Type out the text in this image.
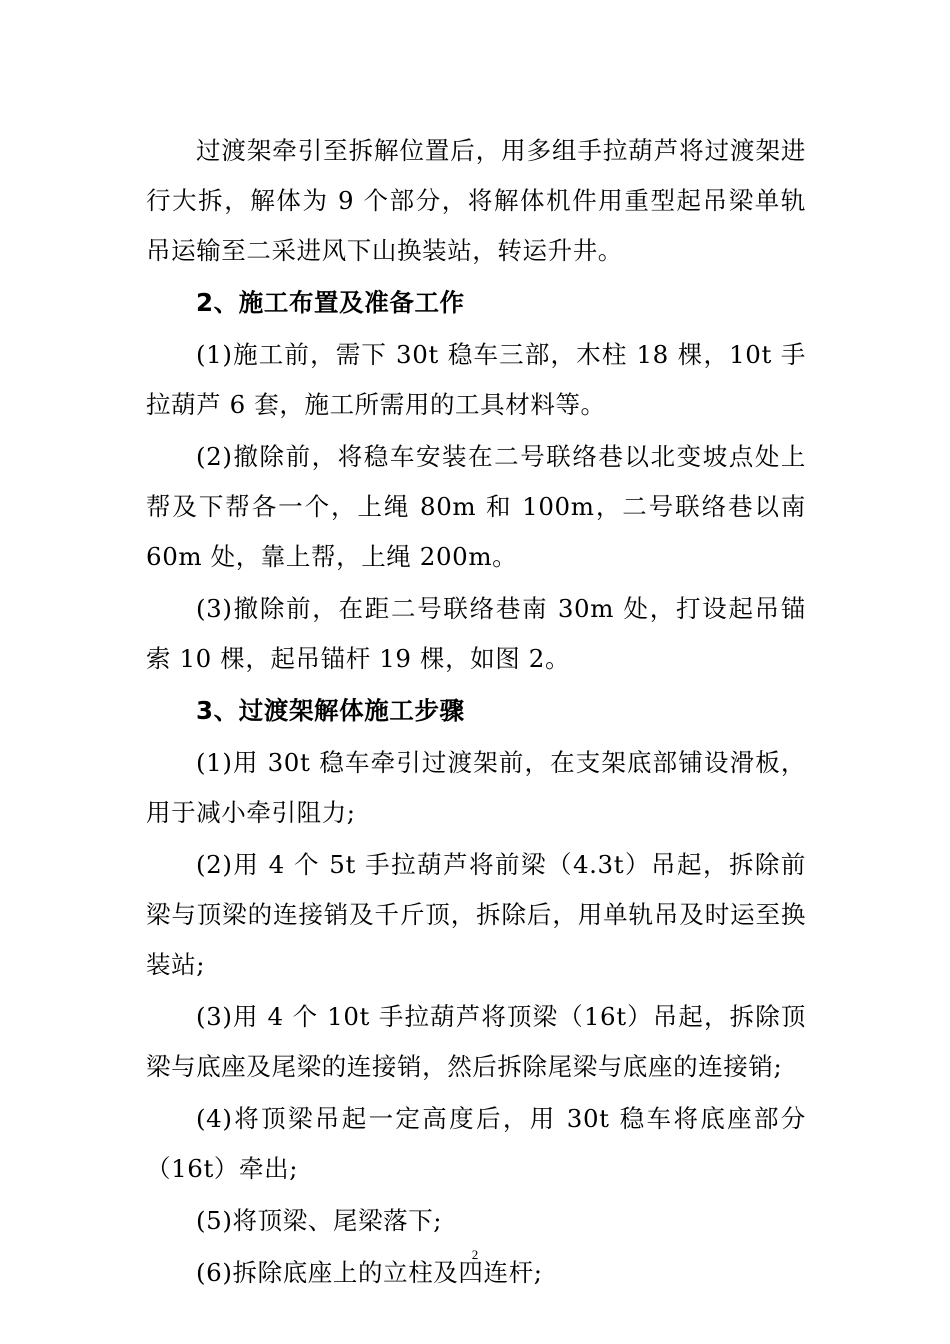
过渡架牵引至拆解位置后，用多组手拉葫芦将过渡架进行大拆，解体为 9 个部分，将解体机件用重型起吊梁单轨吊运输至二采进风下山换装站，转运升井。

2、施工布置及准备工作

(1)施工前，需下 30t 稳车三部，木柱 18 棵，10t 手拉葫芦 6 套，施工所需用的工具材料等。

(2)撤除前，将稳车安装在二号联络巷以北变坡点处上帮及下帮各一个，上绳 80m 和 100m，二号联络巷以南 60m 处，靠上帮，上绳 200m。

(3)撤除前，在距二号联络巷南 30m 处，打设起吊锚索 10 棵，起吊锚杆 19 棵，如图 2。

3、过渡架解体施工步骤

(1)用 30t 稳车牵引过渡架前，在支架底部铺设滑板，用于减小牵引阻力;

(2)用 4 个 5t 手拉葫芦将前梁（4.3t）吊起，拆除前梁与顶梁的连接销及千斤顶，拆除后，用单轨吊及时运至换装站;

(3)用 4 个 10t 手拉葫芦将顶梁（16t）吊起，拆除顶梁与底座及尾梁的连接销，然后拆除尾梁与底座的连接销;

(4)将顶梁吊起一定高度后，用 30t 稳车将底座部分（16t）牵出;

(5)将顶梁、尾梁落下;

(6)拆除底座上的立柱及四连杆;

2
